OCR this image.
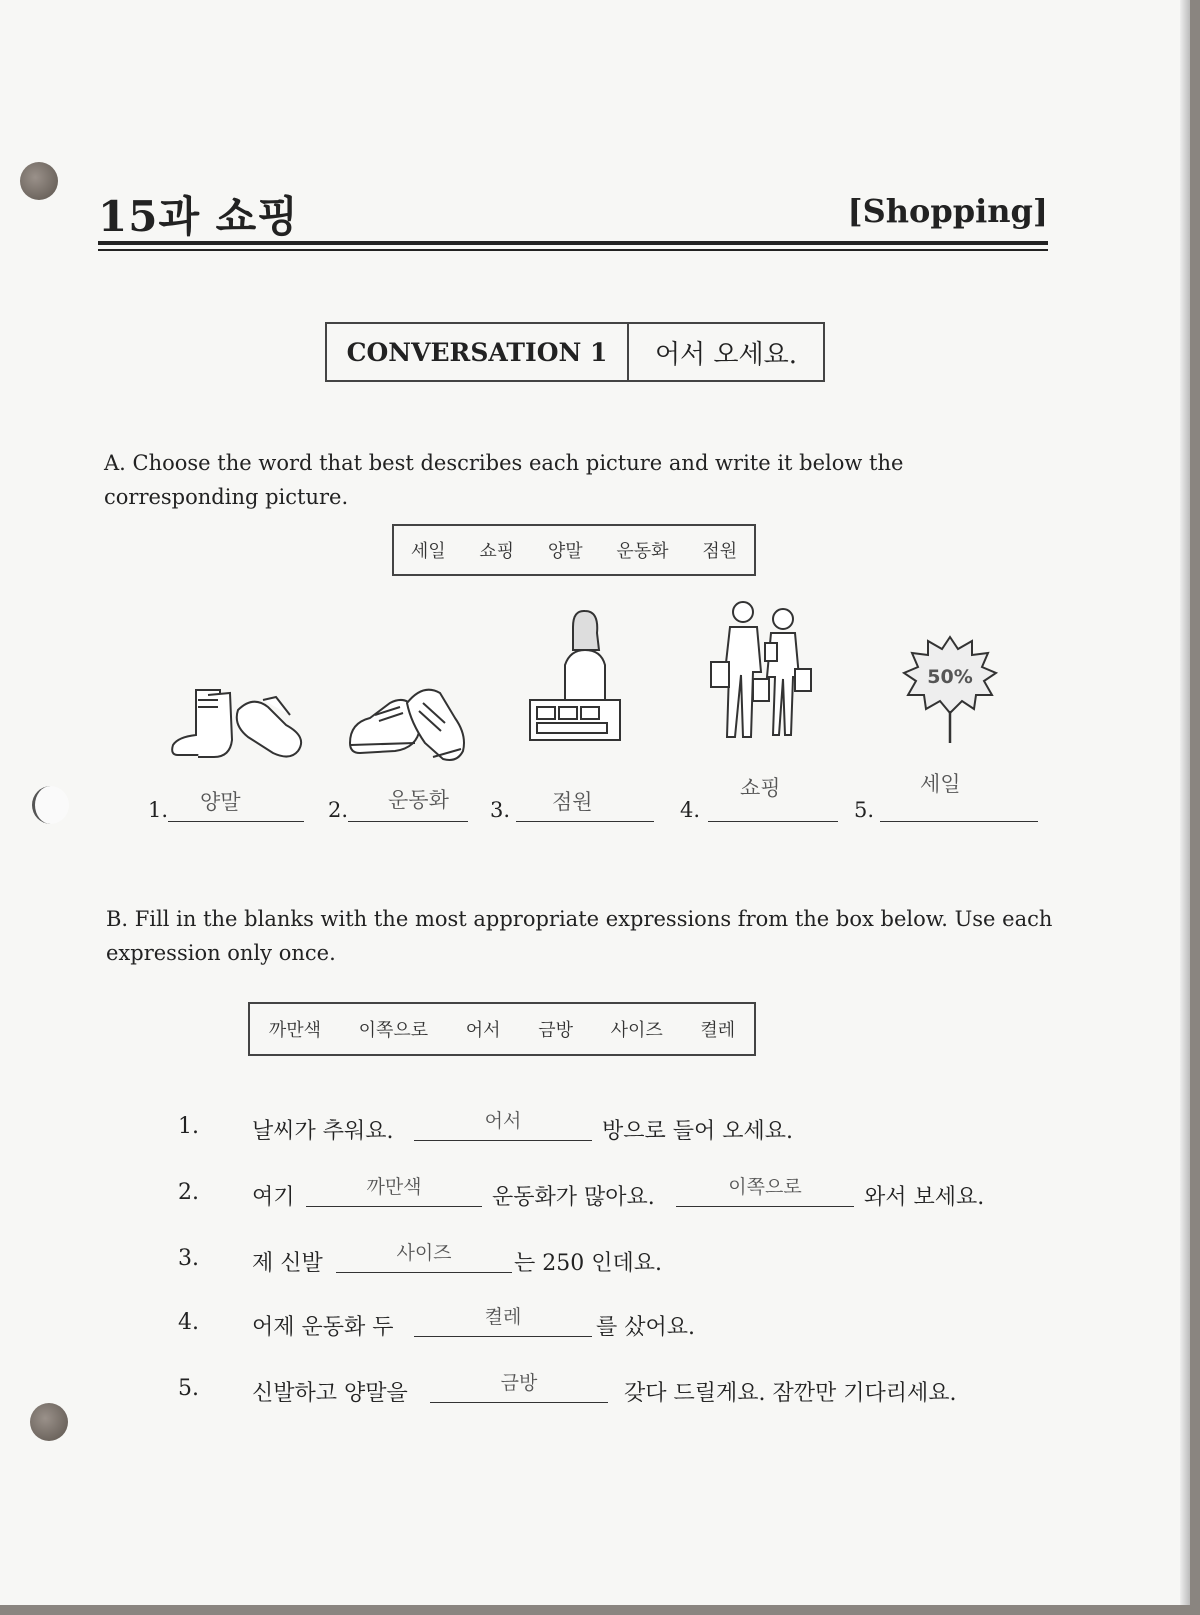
15과 쇼핑	[Shopping]
CONVERSATION 1	어서 오세요.
A. Choose the word that best describes each picture and write it below the
corresponding picture.
세일 쇼핑 양말 운동화 점원
50%
1. 양말	2. 운동화 3. 점원	4.
쇼핑
5.
세일
B. Fill in the blanks with the most appropriate expressions from the box below. Use each
expression only once.
까만색 이쪽으로 어서 금방 사이즈 켤레
1. 날씨가 추워요.	어서	방으로 들어 오세요.
2. 여기	까만색	운동화가 많아요.	이쪽으로	와서 보세요.
3. 제 신발	사이즈	는 250 인데요.
4. 어제 운동화 두	켤레	를 샀어요.
5. 신발하고 양말을	금방	갖다 드릴게요. 잠깐만 기다리세요.
